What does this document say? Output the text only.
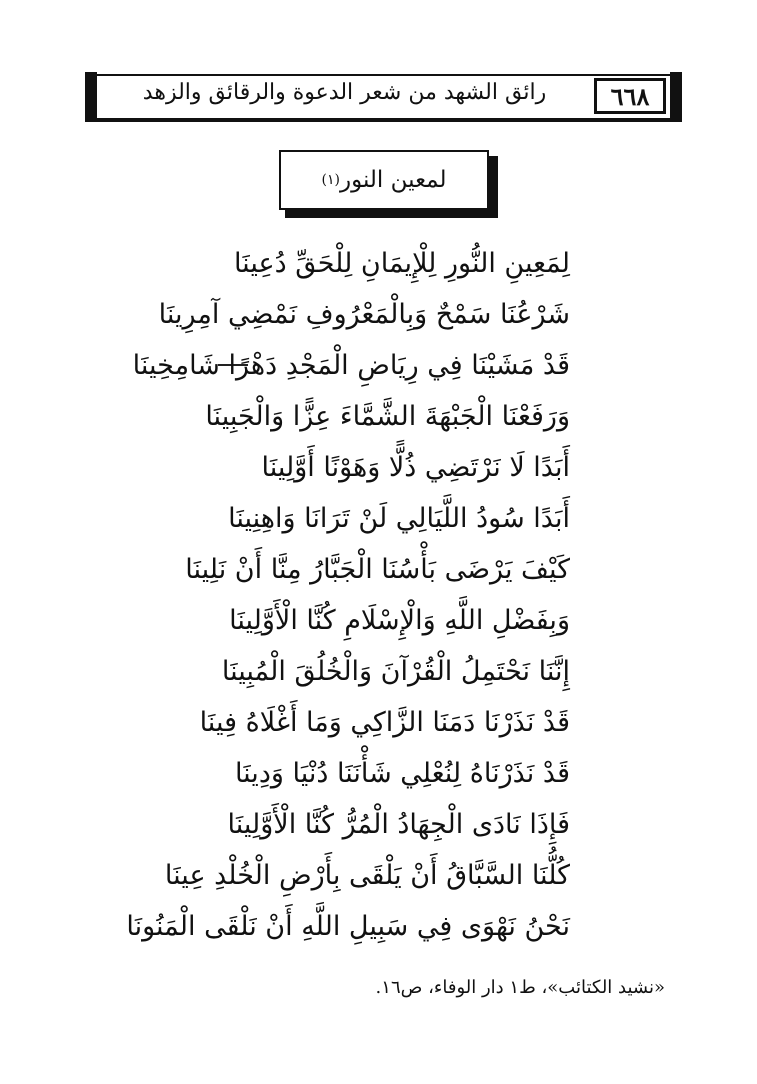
رائق الشهد من شعر الدعوة والرقائق والزهد	٦٦٨
لمعين النور
(١)
لِمَعِينِ النُّورِ لِلْإِيمَانِ لِلْحَقِّ دُعِينَا
شَرْعُنَا سَمْحٌ وَبِالْمَعْرُوفِ نَمْضِي آمِرِينَا
قَدْ مَشَيْنَا فِي رِيَاضِ الْمَجْدِ دَهْرًا شَامِخِينَا
وَرَفَعْنَا الْجَبْهَةَ الشَّمَّاءَ عِزًّا وَالْجَبِينَا
أَبَدًا لَا نَرْتَضِي ذُلًّا وَهَوْنًا أَوَّلِينَا
أَبَدًا سُودُ اللَّيَالِي لَنْ تَرَانَا وَاهِنِينَا
كَيْفَ يَرْضَى بَأْسُنَا الْجَبَّارُ مِنَّا أَنْ نَلِينَا
وَبِفَضْلِ اللَّهِ وَالْإِسْلَامِ كُنَّا الْأَوَّلِينَا
إِنَّنَا نَحْتَمِلُ الْقُرْآنَ وَالْخُلُقَ الْمُبِينَا
قَدْ نَذَرْنَا دَمَنَا الزَّاكِي وَمَا أَغْلَاهُ فِينَا
قَدْ نَذَرْنَاهُ لِنُعْلِي شَأْنَنَا دُنْيَا وَدِينَا
فَإِذَا نَادَى الْجِهَادُ الْمُرُّ كُنَّا الْأَوَّلِينَا
كُلُّنَا السَّبَّاقُ أَنْ يَلْقَى بِأَرْضِ الْخُلْدِ عِينَا
نَحْنُ نَهْوَى فِي سَبِيلِ اللَّهِ أَنْ نَلْقَى الْمَنُونَا
«نشيد الكتائب»، ط١ دار الوفاء، ص١٦.
